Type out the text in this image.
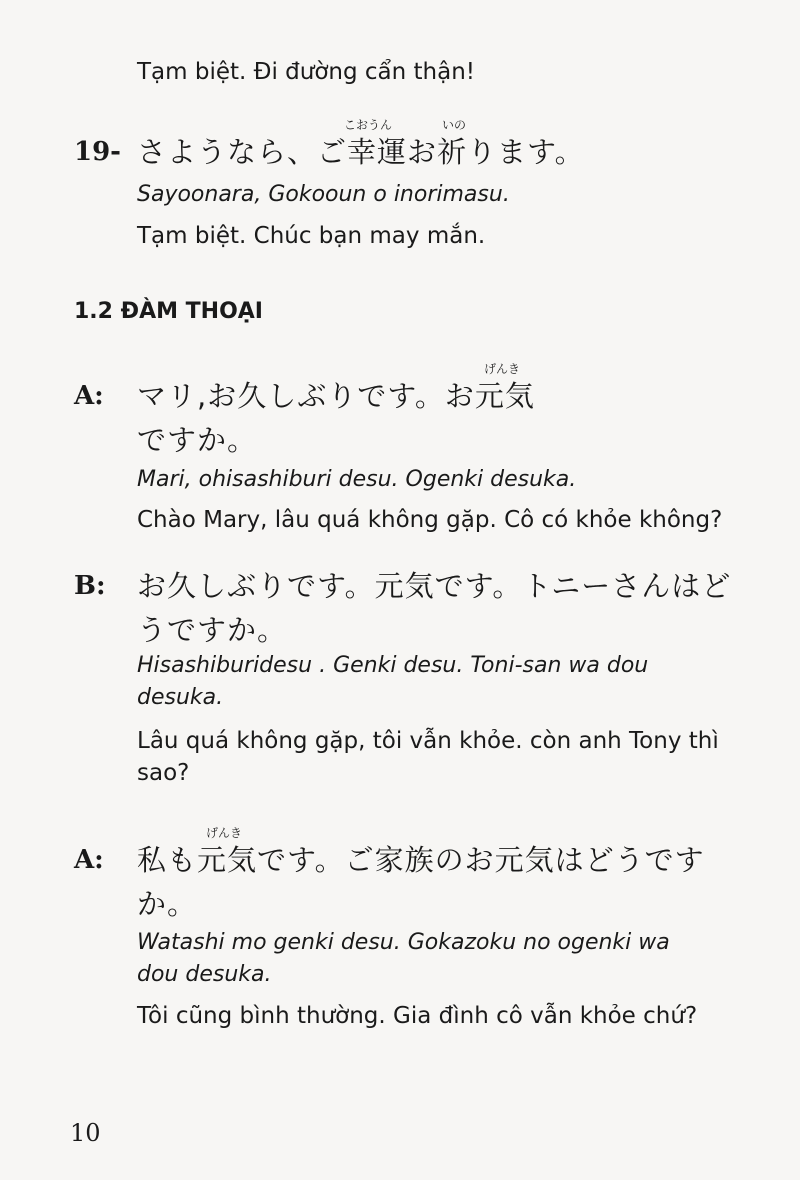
Tạm biệt. Đi đường cẩn thận!
こおうん	いの
19- さようなら、ご幸運お祈ります。
Sayoonara, Gokooun o inorimasu.
Tạm biệt. Chúc bạn may mắn.
1.2 ĐÀM THOẠI
げんき
A: マリ,お久しぶりです。お元気
ですか。
Mari, ohisashiburi desu. Ogenki desuka.
Chào Mary, lâu quá không gặp. Cô có khỏe không?
B: お久しぶりです。元気です。トニーさんはど
うですか。
Hisashiburidesu . Genki desu. Toni-san wa dou
desuka.
Lâu quá không gặp, tôi vẫn khỏe. còn anh Tony thì
sao?
げんき
A: 私も元気です。ご家族のお元気はどうです
か。
Watashi mo genki desu. Gokazoku no ogenki wa
dou desuka.
Tôi cũng bình thường. Gia đình cô vẫn khỏe chứ?
10
